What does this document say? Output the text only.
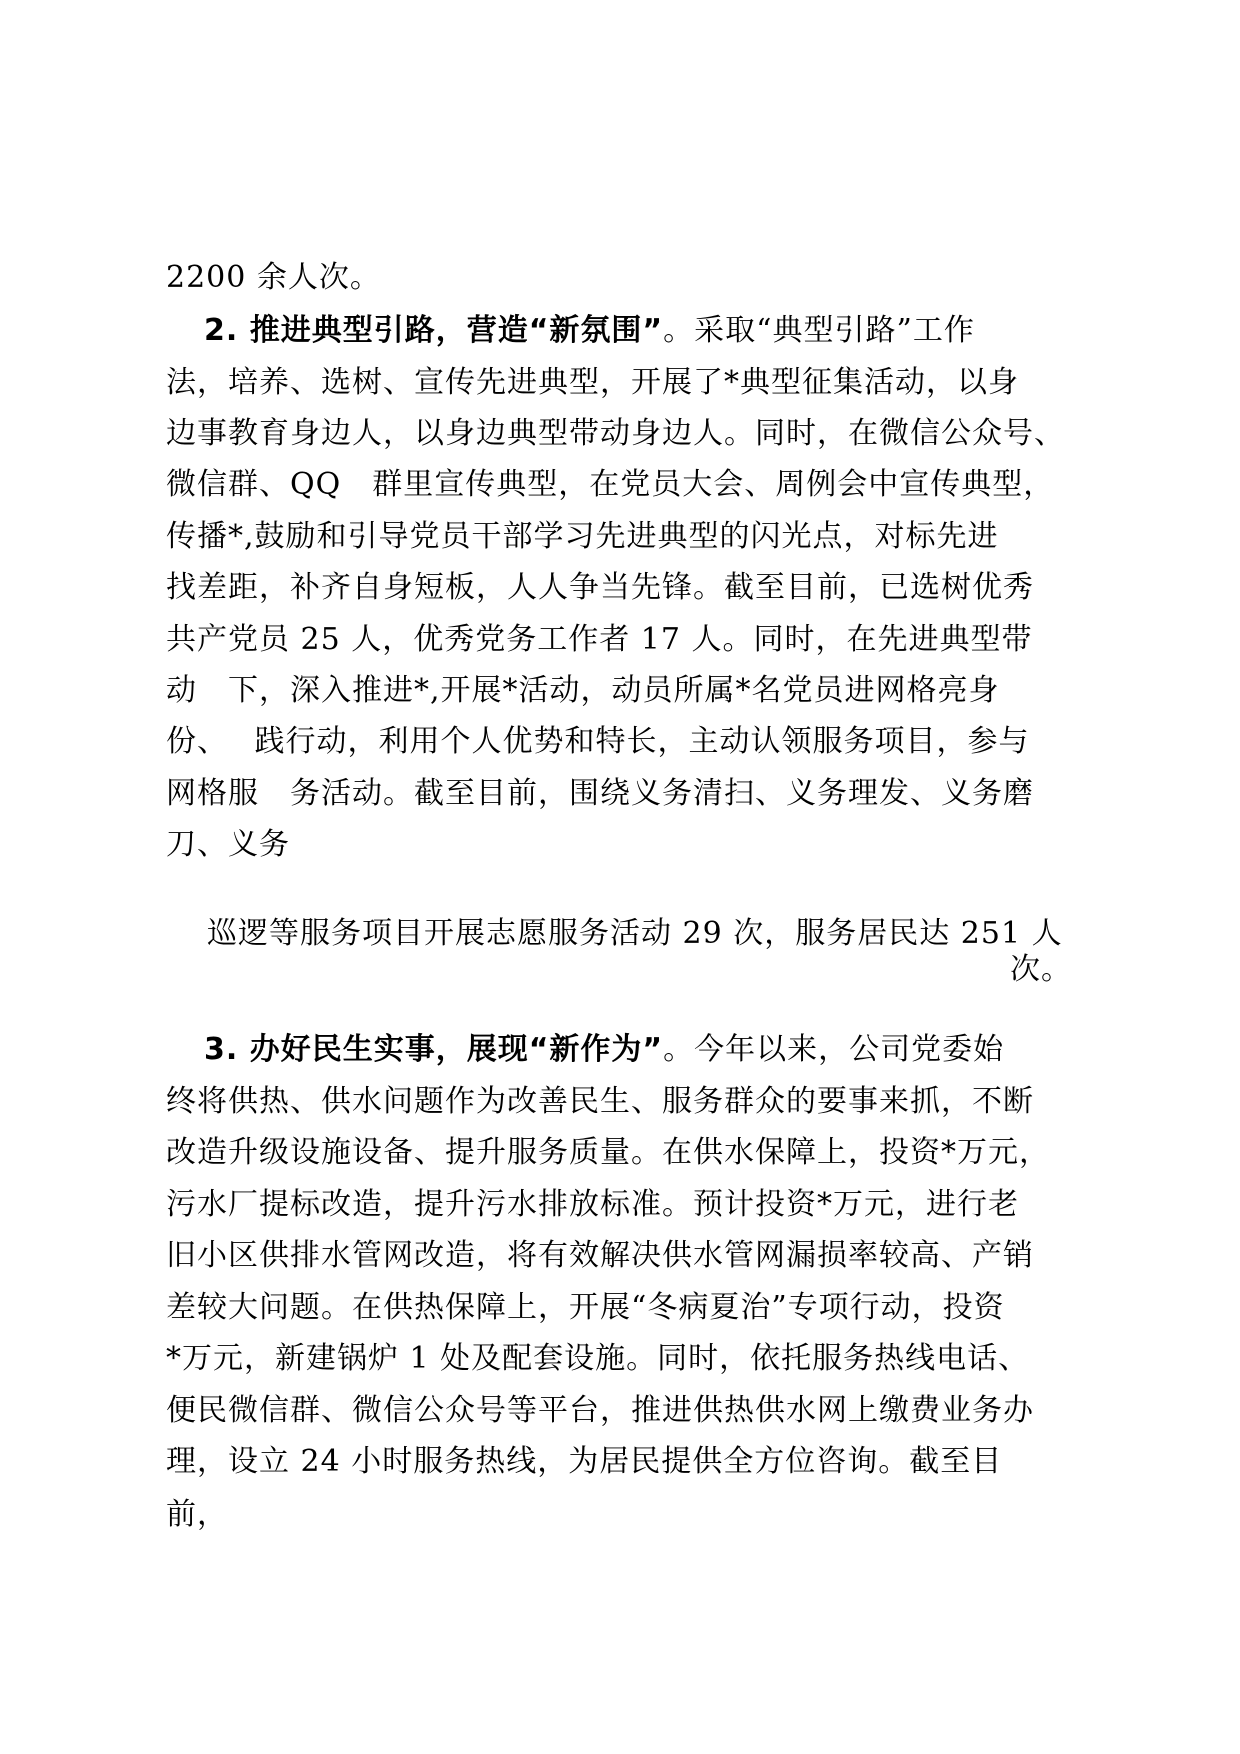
2200 余人次。
2. 推进典型引路，营造“新氛围”。采取“典型引路”工作
法，培养、选树、宣传先进典型，开展了*典型征集活动，以身
边事教育身边人，以身边典型带动身边人。同时，在微信公众号、
微信群、QQ　群里宣传典型，在党员大会、周例会中宣传典型，
传播*,鼓励和引导党员干部学习先进典型的闪光点，对标先进
找差距，补齐自身短板，人人争当先锋。截至目前，已选树优秀
共产党员 25 人，优秀党务工作者 17 人。同时，在先进典型带
动　下，深入推进*,开展*活动，动员所属*名党员进网格亮身
份、　 践行动，利用个人优势和特长，主动认领服务项目，参与
网格服　务活动。截至目前，围绕义务清扫、义务理发、义务磨
刀、义务
巡逻等服务项目开展志愿服务活动 29 次，服务居民达 251 人
次。
3. 办好民生实事，展现“新作为”。今年以来，公司党委始
终将供热、供水问题作为改善民生、服务群众的要事来抓，不断
改造升级设施设备、提升服务质量。在供水保障上，投资*万元，
污水厂提标改造，提升污水排放标准。预计投资*万元，进行老
旧小区供排水管网改造，将有效解决供水管网漏损率较高、产销
差较大问题。在供热保障上，开展“冬病夏治”专项行动，投资
*万元，新建锅炉 1 处及配套设施。同时，依托服务热线电话、
便民微信群、微信公众号等平台，推进供热供水网上缴费业务办
理，设立 24 小时服务热线，为居民提供全方位咨询。截至目
前，
